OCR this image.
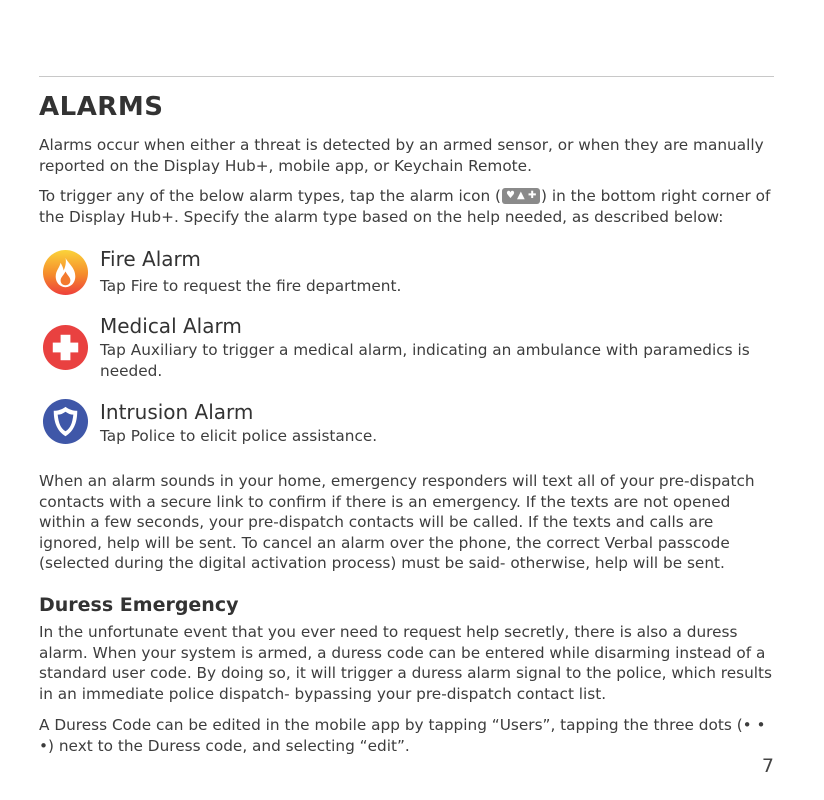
ALARMS

Alarms occur when either a threat is detected by an armed sensor, or when they are manually reported on the Display Hub+, mobile app, or Keychain Remote.

To trigger any of the below alarm types, tap the alarm icon ( ♥ ▲ ✚ ) in the bottom right corner of the Display Hub+. Specify the alarm type based on the help needed, as described below:

Fire Alarm

Tap Fire to request the fire department.

Medical Alarm

Tap Auxiliary to trigger a medical alarm, indicating an ambulance with paramedics is needed.

Intrusion Alarm

Tap Police to elicit police assistance.

When an alarm sounds in your home, emergency responders will text all of your pre-dispatch contacts with a secure link to confirm if there is an emergency. If the texts are not opened within a few seconds, your pre-dispatch contacts will be called. If the texts and calls are ignored, help will be sent. To cancel an alarm over the phone, the correct Verbal passcode (selected during the digital activation process) must be said- otherwise, help will be sent.

Duress Emergency

In the unfortunate event that you ever need to request help secretly, there is also a duress alarm. When your system is armed, a duress code can be entered while disarming instead of a standard user code. By doing so, it will trigger a duress alarm signal to the police, which results in an immediate police dispatch- bypassing your pre-dispatch contact list.

A Duress Code can be edited in the mobile app by tapping “Users”, tapping the three dots (• • •) next to the Duress code, and selecting “edit”.

7
